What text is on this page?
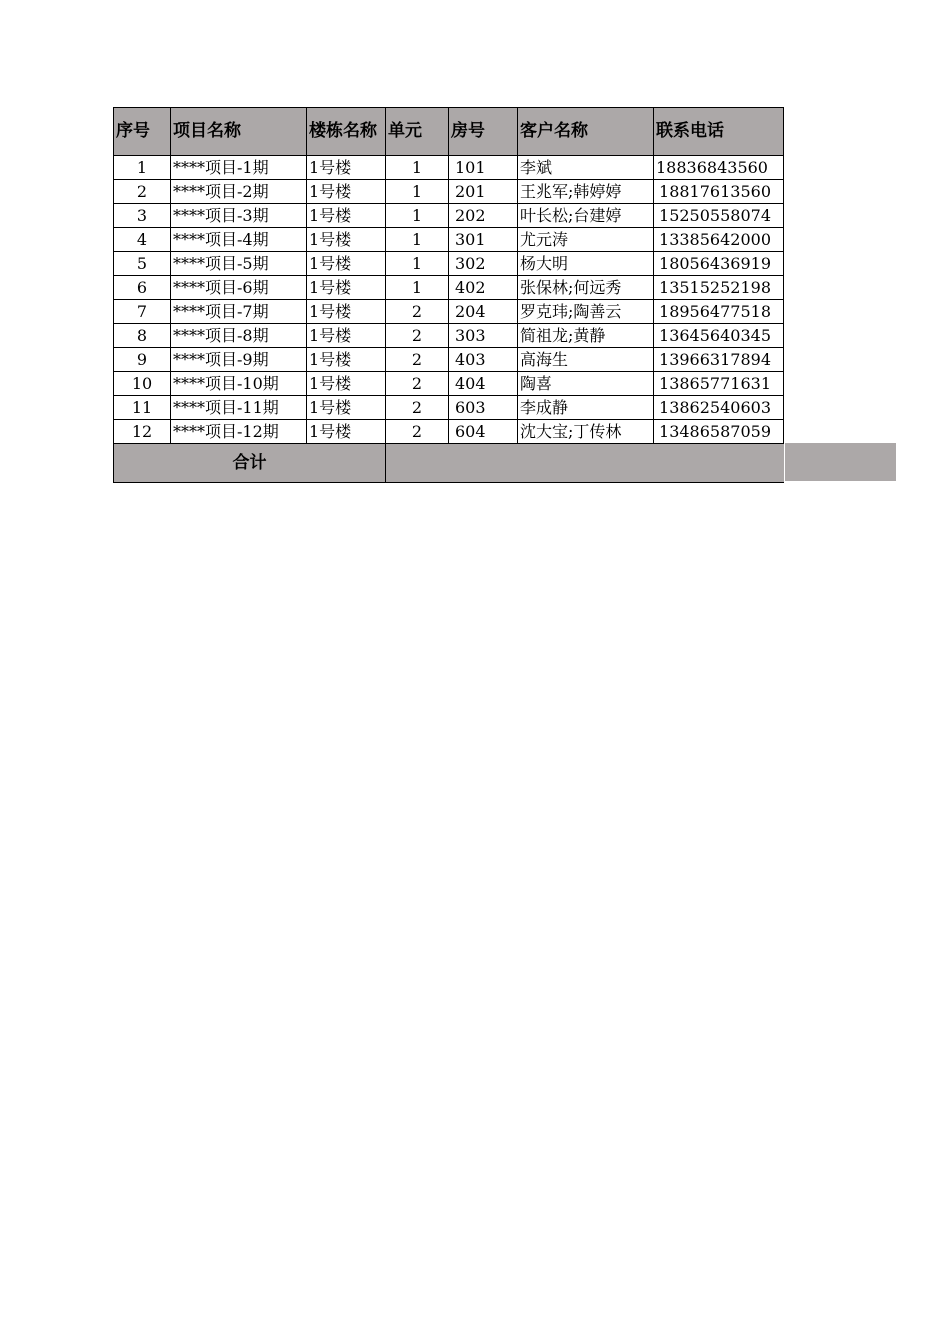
序号	项目名称	楼栋名称	单元	房号	客户名称	联系电话
1	****项目-1期	1号楼	1	101	李斌	18836843560
2	****项目-2期	1号楼	1	201	王兆军;韩婷婷	18817613560
3	****项目-3期	1号楼	1	202	叶长松;台建婷	15250558074
4	****项目-4期	1号楼	1	301	尤元涛	13385642000
5	****项目-5期	1号楼	1	302	杨大明	18056436919
6	****项目-6期	1号楼	1	402	张保林;何远秀	13515252198
7	****项目-7期	1号楼	2	204	罗克玮;陶善云	18956477518
8	****项目-8期	1号楼	2	303	简祖龙;黄静	13645640345
9	****项目-9期	1号楼	2	403	高海生	13966317894
10	****项目-10期	1号楼	2	404	陶喜	13865771631
11	****项目-11期	1号楼	2	603	李成静	13862540603
12	****项目-12期	1号楼	2	604	沈大宝;丁传林	13486587059
合计						
